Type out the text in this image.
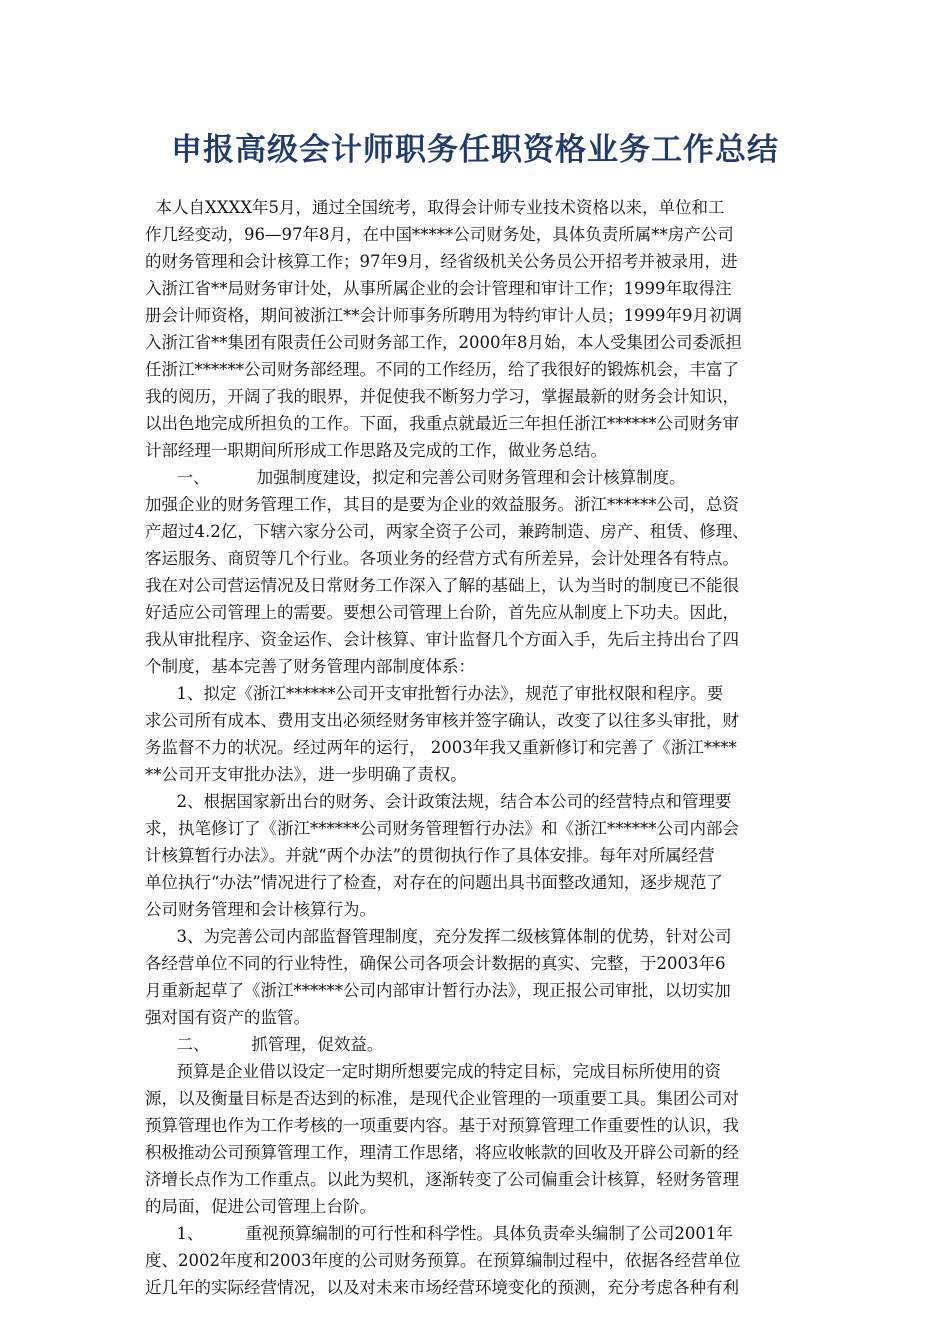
申报高级会计师职务任职资格业务工作总结
本人自XXXX年5月，通过全国统考，取得会计师专业技术资格以来，单位和工
作几经变动，96—97年8月，在中国*****公司财务处，具体负责所属**房产公司
的财务管理和会计核算工作；97年9月，经省级机关公务员公开招考并被录用，进
入浙江省**局财务审计处，从事所属企业的会计管理和审计工作；1999年取得注
册会计师资格，期间被浙江**会计师事务所聘用为特约审计人员；1999年9月初调
入浙江省**集团有限责任公司财务部工作，2000年8月始，本人受集团公司委派担
任浙江******公司财务部经理。不同的工作经历，给了我很好的锻炼机会，丰富了
我的阅历，开阔了我的眼界，并促使我不断努力学习，掌握最新的财务会计知识，
以出色地完成所担负的工作。下面，我重点就最近三年担任浙江******公司财务审
计部经理一职期间所形成工作思路及完成的工作，做业务总结。
一、         加强制度建设，拟定和完善公司财务管理和会计核算制度。
加强企业的财务管理工作，其目的是要为企业的效益服务。浙江******公司，总资
产超过4.2亿，下辖六家分公司，两家全资子公司，兼跨制造、房产、租赁、修理、
客运服务、商贸等几个行业。各项业务的经营方式有所差异，会计处理各有特点。
我在对公司营运情况及日常财务工作深入了解的基础上，认为当时的制度已不能很
好适应公司管理上的需要。要想公司管理上台阶，首先应从制度上下功夫。因此，
我从审批程序、资金运作、会计核算、审计监督几个方面入手，先后主持出台了四
个制度，基本完善了财务管理内部制度体系：
1、拟定《浙江******公司开支审批暂行办法》，规范了审批权限和程序。要
求公司所有成本、费用支出必须经财务审核并签字确认，改变了以往多头审批，财
务监督不力的状况。经过两年的运行， 2003年我又重新修订和完善了《浙江****
**公司开支审批办法》，进一步明确了责权。
2、根据国家新出台的财务、会计政策法规，结合本公司的经营特点和管理要
求，执笔修订了《浙江******公司财务管理暂行办法》和《浙江******公司内部会
计核算暂行办法》。并就“两个办法”的贯彻执行作了具体安排。每年对所属经营
单位执行“办法”情况进行了检查，对存在的问题出具书面整改通知，逐步规范了
公司财务管理和会计核算行为。
3、为完善公司内部监督管理制度，充分发挥二级核算体制的优势，针对公司
各经营单位不同的行业特性，确保公司各项会计数据的真实、完整，于2003年6
月重新起草了《浙江******公司内部审计暂行办法》，现正报公司审批，以切实加
强对国有资产的监管。
二、        抓管理，促效益。
预算是企业借以设定一定时期所想要完成的特定目标，完成目标所使用的资
源，以及衡量目标是否达到的标准，是现代企业管理的一项重要工具。集团公司对
预算管理也作为工作考核的一项重要内容。基于对预算管理工作重要性的认识，我
积极推动公司预算管理工作，理清工作思绪，将应收帐款的回收及开辟公司新的经
济增长点作为工作重点。以此为契机，逐渐转变了公司偏重会计核算，轻财务管理
的局面，促进公司管理上台阶。
1、        重视预算编制的可行性和科学性。具体负责牵头编制了公司2001年
度、2002年度和2003年度的公司财务预算。在预算编制过程中，依据各经营单位
近几年的实际经营情况，以及对未来市场经营环境变化的预测，充分考虑各种有利
